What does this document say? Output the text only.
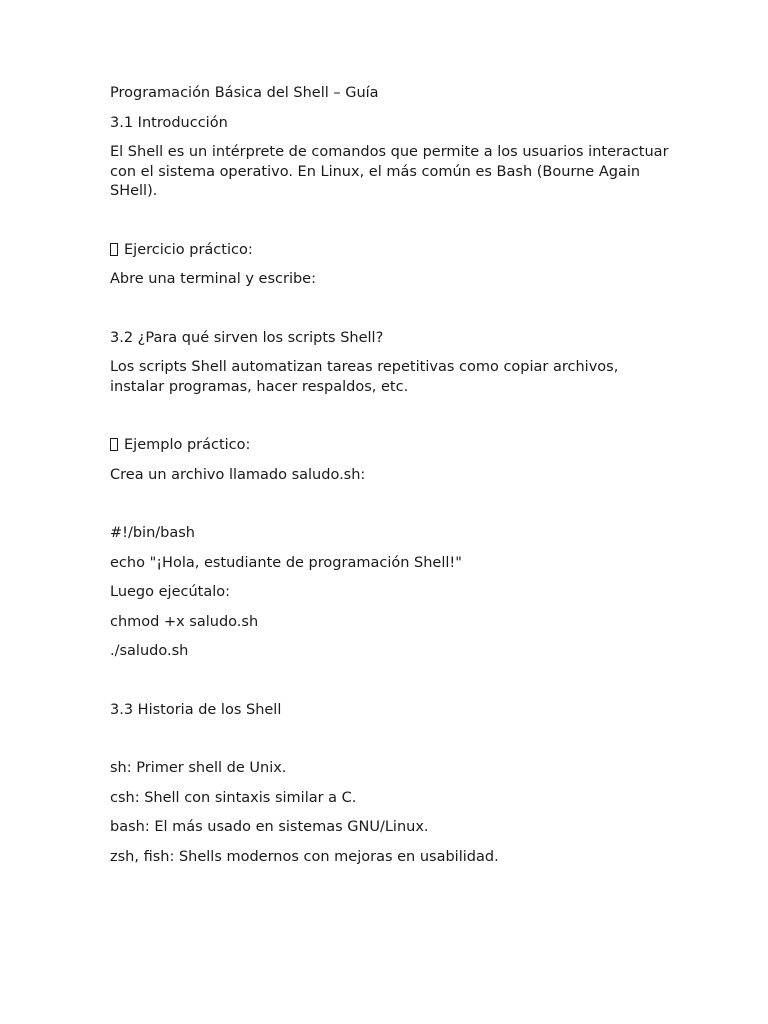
Programación Básica del Shell – Guía

3.1 Introducción

El Shell es un intérprete de comandos que permite a los usuarios interactuar con el sistema operativo. En Linux, el más común es Bash (Bourne Again SHell).

Ejercicio práctico:

Abre una terminal y escribe:

3.2 ¿Para qué sirven los scripts Shell?

Los scripts Shell automatizan tareas repetitivas como copiar archivos, instalar programas, hacer respaldos, etc.

Ejemplo práctico:

Crea un archivo llamado saludo.sh:

#!/bin/bash

echo "¡Hola, estudiante de programación Shell!"

Luego ejecútalo:

chmod +x saludo.sh

./saludo.sh

3.3 Historia de los Shell

sh: Primer shell de Unix.

csh: Shell con sintaxis similar a C.

bash: El más usado en sistemas GNU/Linux.

zsh, fish: Shells modernos con mejoras en usabilidad.
